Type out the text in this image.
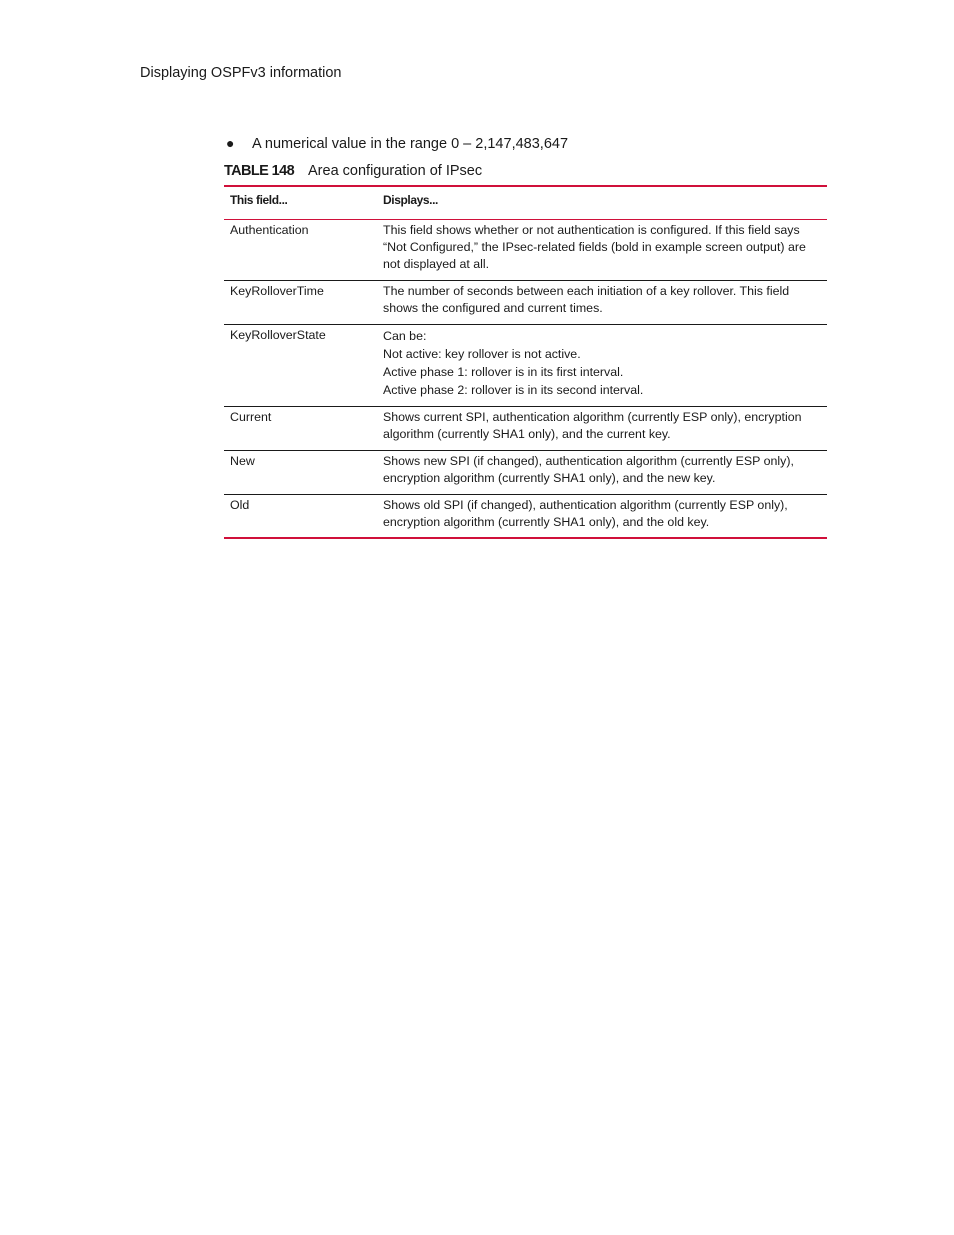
Displaying OSPFv3 information
●	A numerical value in the range 0 – 2,147,483,647
TABLE 148 Area configuration of IPsec
This field...	Displays...
Authentication	This field shows whether or not authentication is configured. If this field says “Not Configured,” the IPsec-related fields (bold in example screen output) are not displayed at all.
KeyRolloverTime	The number of seconds between each initiation of a key rollover. This field shows the configured and current times.
KeyRolloverState	Can be:
Not active: key rollover is not active.
Active phase 1: rollover is in its first interval.
Active phase 2: rollover is in its second interval.

Current	Shows current SPI, authentication algorithm (currently ESP only), encryption algorithm (currently SHA1 only), and the current key.
New	Shows new SPI (if changed), authentication algorithm (currently ESP only), encryption algorithm (currently SHA1 only), and the new key.
Old	Shows old SPI (if changed), authentication algorithm (currently ESP only), encryption algorithm (currently SHA1 only), and the old key.
